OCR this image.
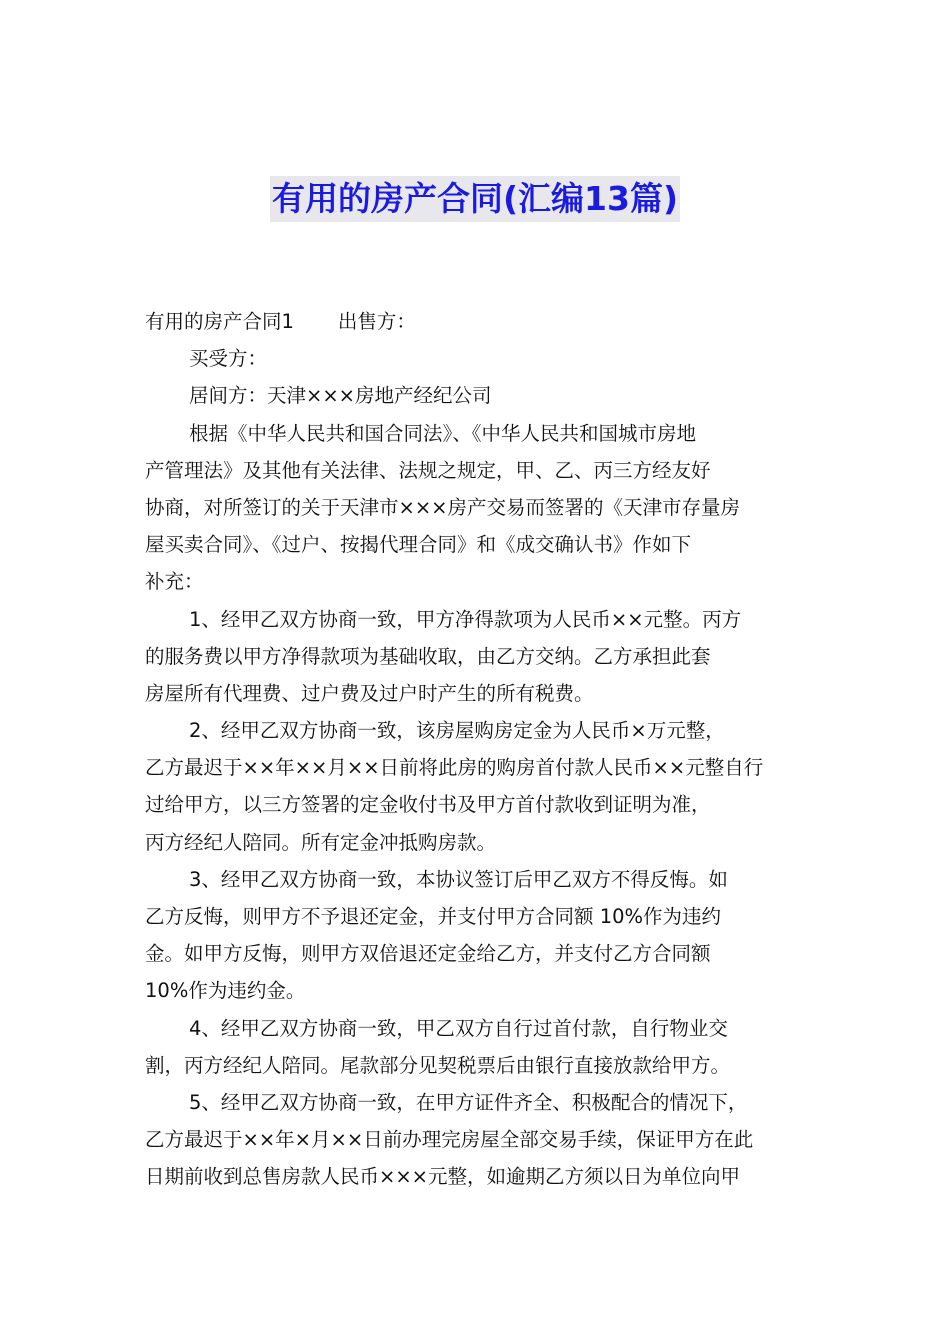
有用的房产合同(汇编13篇)
有用的房产合同1 出售方：
买受方：
居间方：天津×××房地产经纪公司
根据《中华人民共和国合同法》、《中华人民共和国城市房地
产管理法》及其他有关法律、法规之规定，甲、乙、丙三方经友好
协商，对所签订的关于天津市×××房产交易而签署的《天津市存量房
屋买卖合同》、《过户、按揭代理合同》和《成交确认书》作如下
补充：
1、经甲乙双方协商一致，甲方净得款项为人民币××元整。丙方
的服务费以甲方净得款项为基础收取，由乙方交纳。乙方承担此套
房屋所有代理费、过户费及过户时产生的所有税费。
2、经甲乙双方协商一致，该房屋购房定金为人民币×万元整，
乙方最迟于××年××月××日前将此房的购房首付款人民币××元整自行
过给甲方，以三方签署的定金收付书及甲方首付款收到证明为准，
丙方经纪人陪同。所有定金冲抵购房款。
3、经甲乙双方协商一致，本协议签订后甲乙双方不得反悔。如
乙方反悔，则甲方不予退还定金，并支付甲方合同额 10%作为违约
金。如甲方反悔，则甲方双倍退还定金给乙方，并支付乙方合同额
10%作为违约金。
4、经甲乙双方协商一致，甲乙双方自行过首付款，自行物业交
割，丙方经纪人陪同。尾款部分见契税票后由银行直接放款给甲方。
5、经甲乙双方协商一致，在甲方证件齐全、积极配合的情况下，
乙方最迟于××年×月××日前办理完房屋全部交易手续，保证甲方在此
日期前收到总售房款人民币×××元整，如逾期乙方须以日为单位向甲
